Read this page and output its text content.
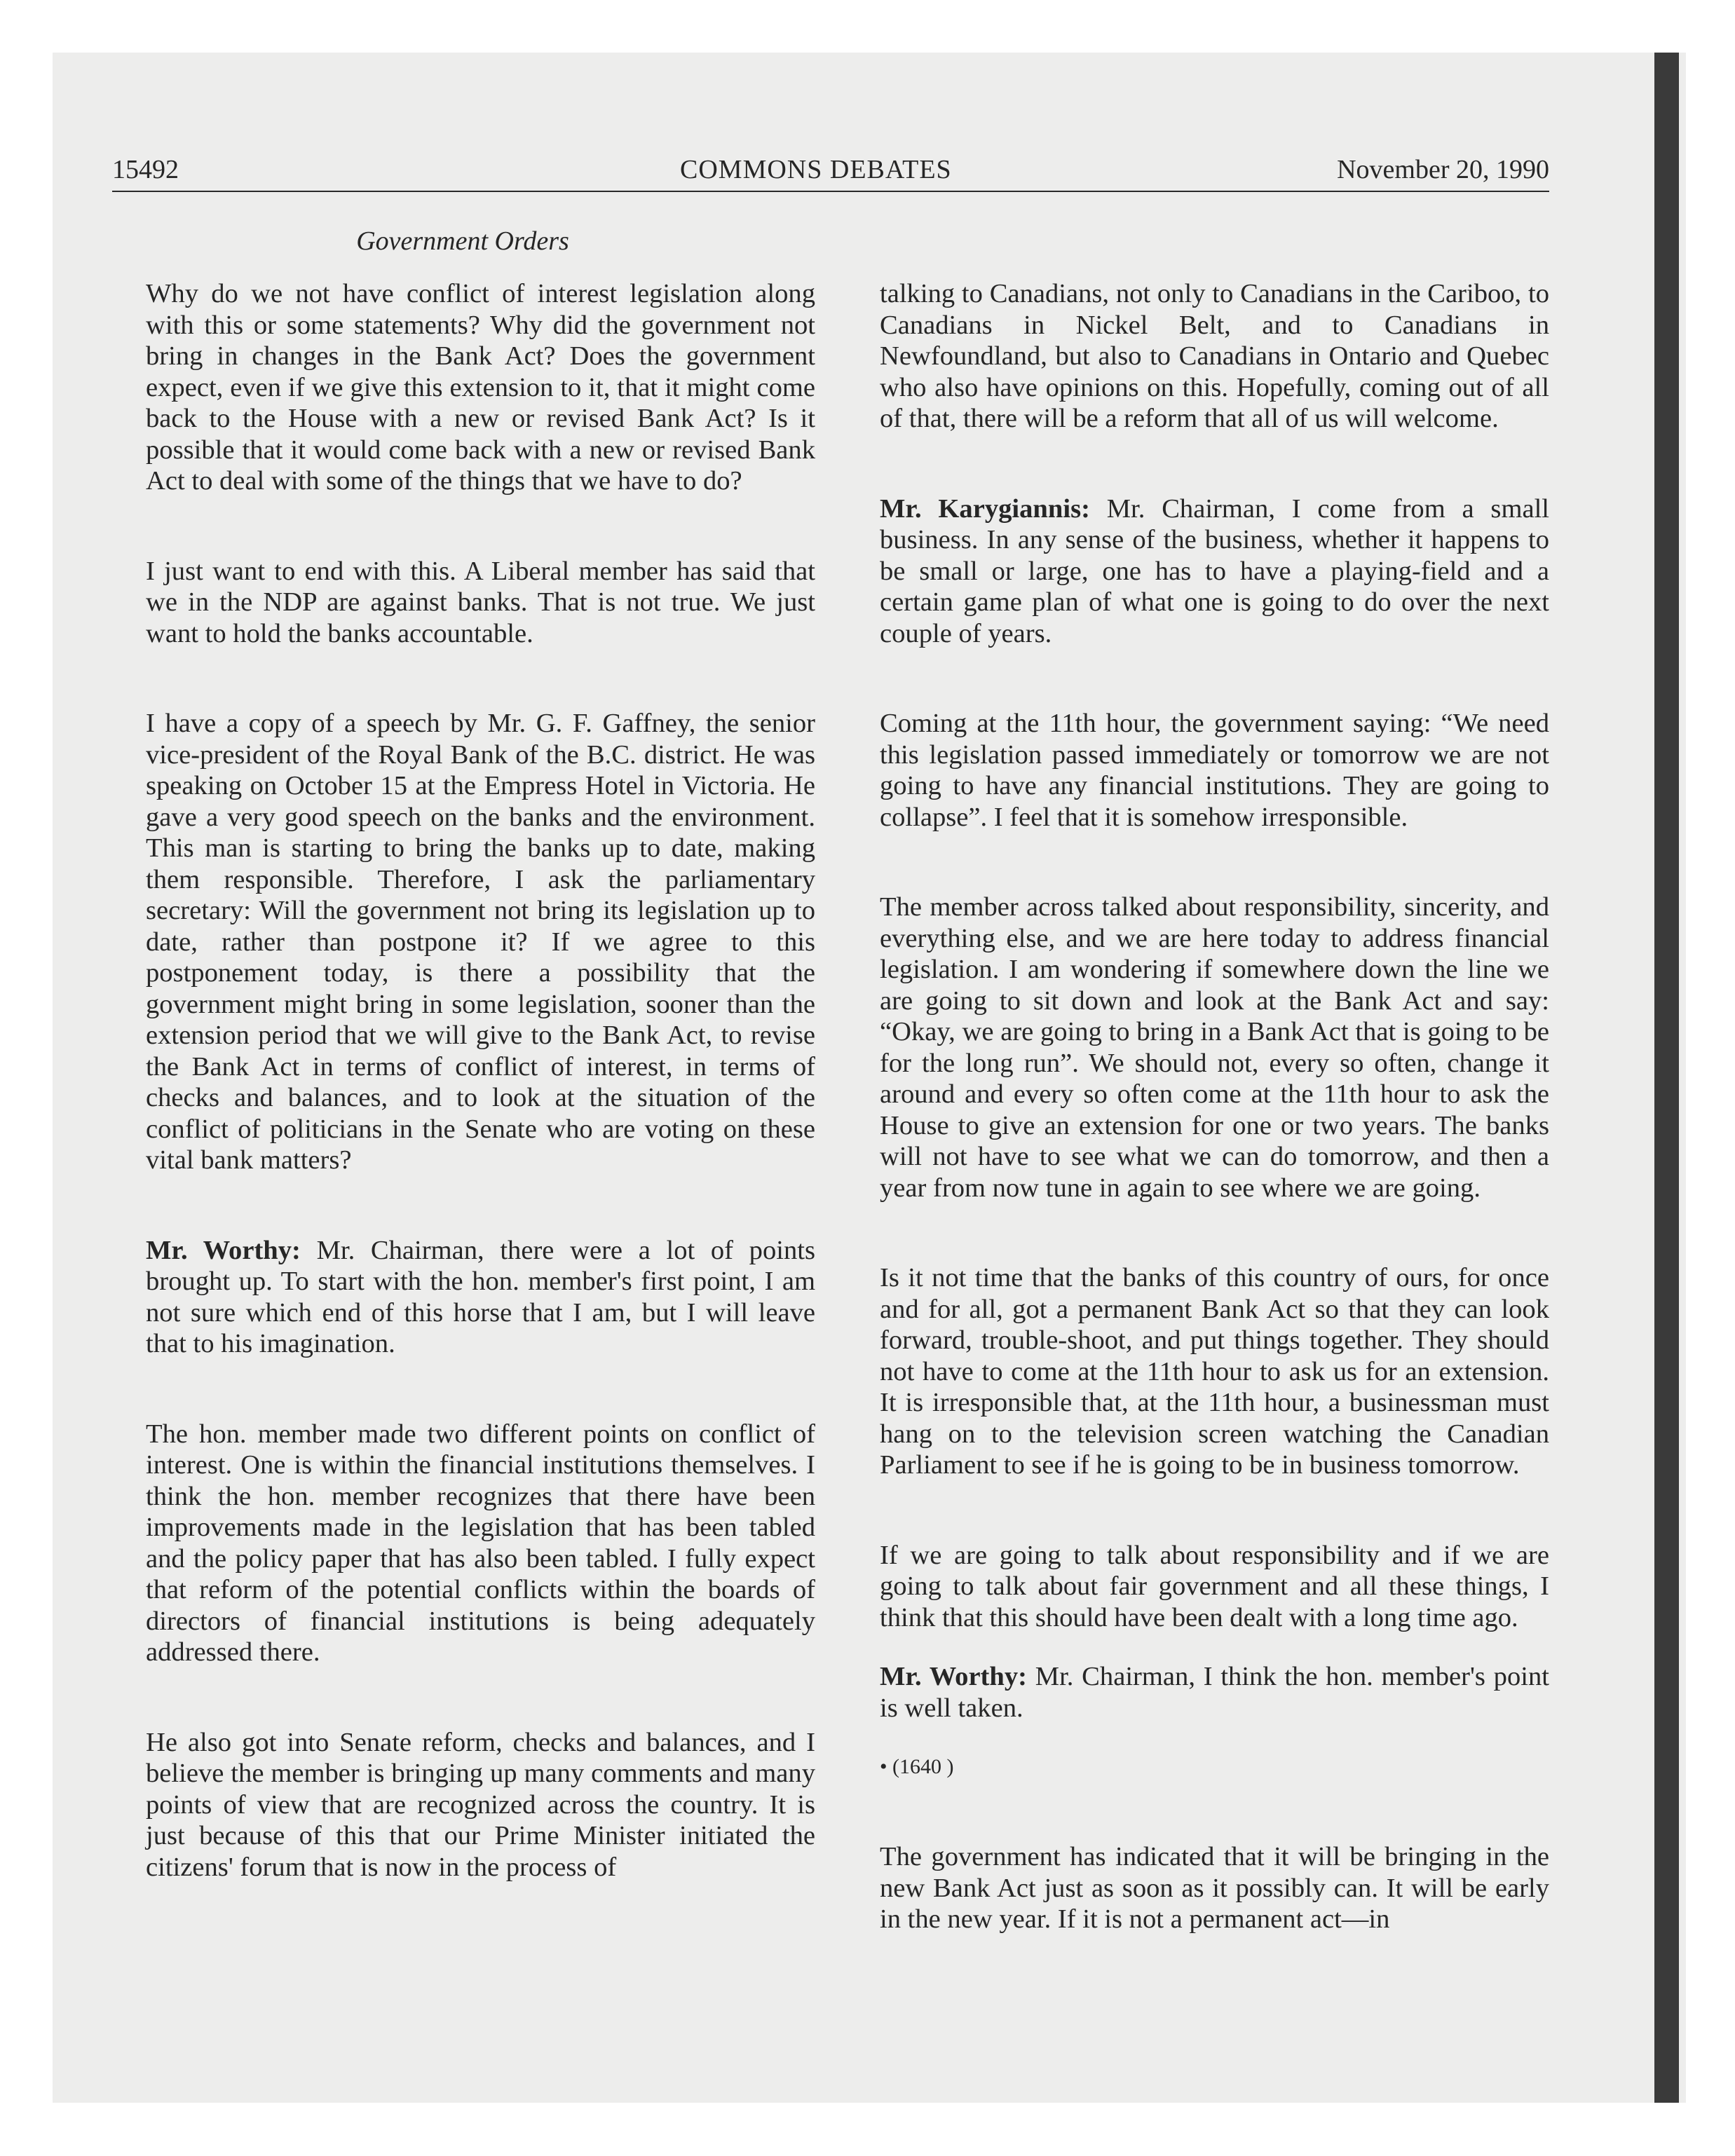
15492	COMMONS DEBATES	November 20, 1990
Government Orders

Why do we not have conflict of interest legislation along with this or some statements? Why did the government not bring in changes in the Bank Act? Does the government expect, even if we give this extension to it, that it might come back to the House with a new or revised Bank Act? Is it possible that it would come back with a new or revised Bank Act to deal with some of the things that we have to do?

I just want to end with this. A Liberal member has said that we in the NDP are against banks. That is not true. We just want to hold the banks accountable.

I have a copy of a speech by Mr. G. F. Gaffney, the senior vice-president of the Royal Bank of the B.C. district. He was speaking on October 15 at the Empress Hotel in Victoria. He gave a very good speech on the banks and the environment. This man is starting to bring the banks up to date, making them responsible. Therefore, I ask the parliamentary secretary: Will the government not bring its legislation up to date, rather than postpone it? If we agree to this postponement today, is there a possibility that the government might bring in some legislation, sooner than the extension period that we will give to the Bank Act, to revise the Bank Act in terms of conflict of interest, in terms of checks and balances, and to look at the situation of the conflict of politicians in the Senate who are voting on these vital bank matters?

Mr. Worthy: Mr. Chairman, there were a lot of points brought up. To start with the hon. member's first point, I am not sure which end of this horse that I am, but I will leave that to his imagination.

The hon. member made two different points on conflict of interest. One is within the financial institutions themselves. I think the hon. member recognizes that there have been improvements made in the legislation that has been tabled and the policy paper that has also been tabled. I fully expect that reform of the potential conflicts within the boards of directors of financial institutions is being adequately addressed there.

He also got into Senate reform, checks and balances, and I believe the member is bringing up many comments and many points of view that are recognized across the country. It is just because of this that our Prime Minister initiated the citizens' forum that is now in the process of

talking to Canadians, not only to Canadians in the Cariboo, to Canadians in Nickel Belt, and to Canadians in Newfoundland, but also to Canadians in Ontario and Quebec who also have opinions on this. Hopefully, coming out of all of that, there will be a reform that all of us will welcome.

Mr. Karygiannis: Mr. Chairman, I come from a small business. In any sense of the business, whether it happens to be small or large, one has to have a playing-field and a certain game plan of what one is going to do over the next couple of years.

Coming at the 11th hour, the government saying: “We need this legislation passed immediately or tomorrow we are not going to have any financial institutions. They are going to collapse”. I feel that it is somehow irresponsible.

The member across talked about responsibility, sincerity, and everything else, and we are here today to address financial legislation. I am wondering if somewhere down the line we are going to sit down and look at the Bank Act and say: “Okay, we are going to bring in a Bank Act that is going to be for the long run”. We should not, every so often, change it around and every so often come at the 11th hour to ask the House to give an extension for one or two years. The banks will not have to see what we can do tomorrow, and then a year from now tune in again to see where we are going.

Is it not time that the banks of this country of ours, for once and for all, got a permanent Bank Act so that they can look forward, trouble-shoot, and put things together. They should not have to come at the 11th hour to ask us for an extension. It is irresponsible that, at the 11th hour, a businessman must hang on to the television screen watching the Canadian Parliament to see if he is going to be in business tomorrow.

If we are going to talk about responsibility and if we are going to talk about fair government and all these things, I think that this should have been dealt with a long time ago.

Mr. Worthy: Mr. Chairman, I think the hon. member's point is well taken.

• (1640 )

The government has indicated that it will be bringing in the new Bank Act just as soon as it possibly can. It will be early in the new year. If it is not a permanent act—in
